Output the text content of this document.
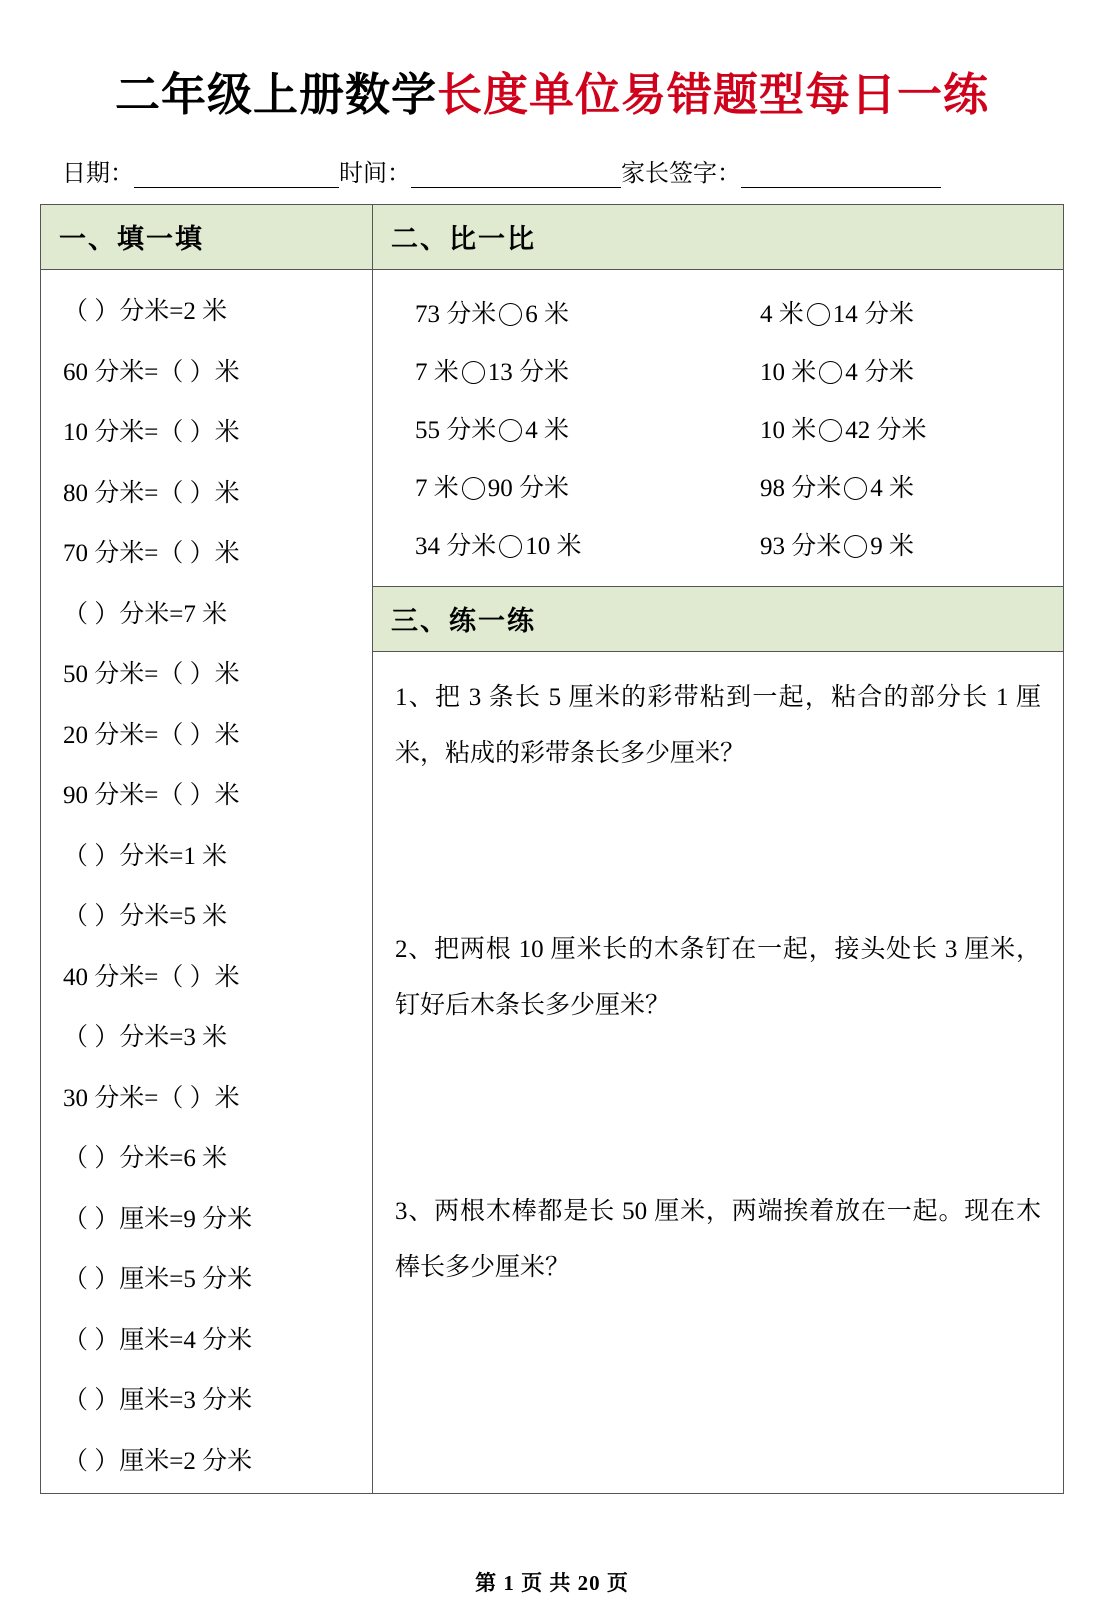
二年级上册数学长度单位易错题型每日一练
日期：	时间：	家长签字：
一、填一填
（ ）分米=2 米
60 分米=（ ）米
10 分米=（ ）米
80 分米=（ ）米
70 分米=（ ）米
（ ）分米=7 米
50 分米=（ ）米
20 分米=（ ）米
90 分米=（ ）米
（ ）分米=1 米
（ ）分米=5 米
40 分米=（ ）米
（ ）分米=3 米
30 分米=（ ）米
（ ）分米=6 米
（ ）厘米=9 分米
（ ）厘米=5 分米
（ ）厘米=4 分米
（ ）厘米=3 分米
（ ）厘米=2 分米
二、比一比
73 分米 6 米	4 米 14 分米
7 米 13 分米	10 米 4 分米
55 分米 4 米	10 米 42 分米
7 米 90 分米	98 分米 4 米
34 分米 10 米	93 分米 9 米
三、练一练
1、把 3 条长 5 厘米的彩带粘到一起，粘合的部分长 1 厘米，粘成的彩带条长多少厘米？
2、把两根 10 厘米长的木条钉在一起，接头处长 3 厘米，钉好后木条长多少厘米？
3、两根木棒都是长 50 厘米，两端挨着放在一起。现在木棒长多少厘米？
第 1 页 共 20 页
